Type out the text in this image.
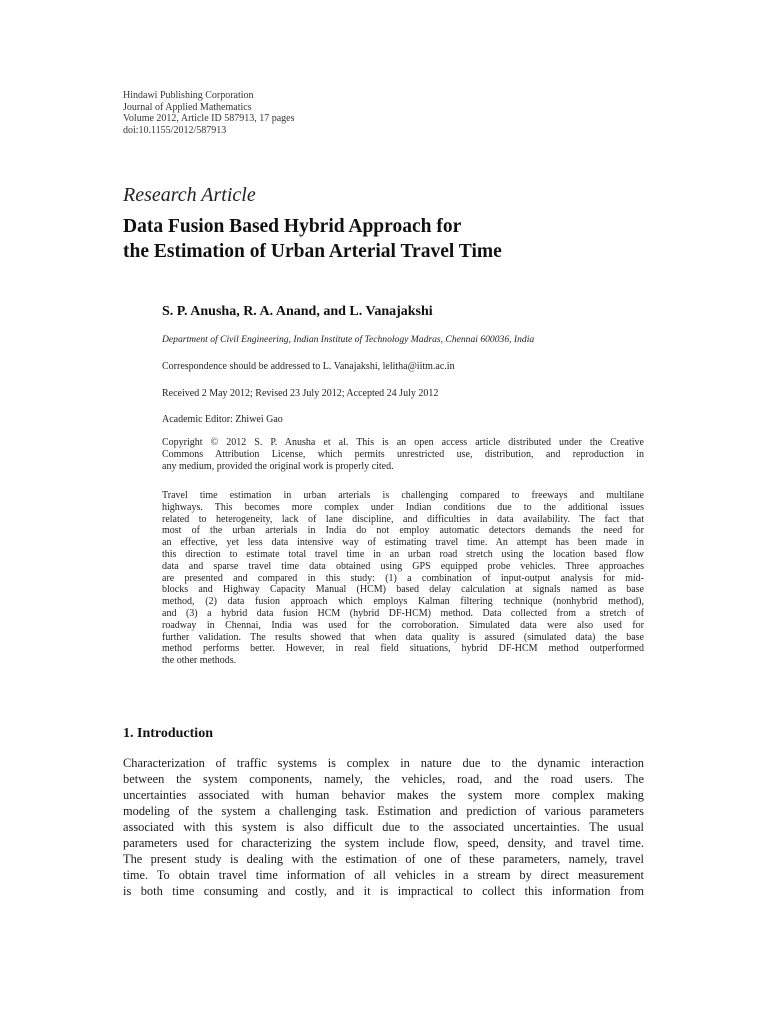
Hindawi Publishing Corporation
Journal of Applied Mathematics
Volume 2012, Article ID 587913, 17 pages
doi:10.1155/2012/587913
Research Article
Data Fusion Based Hybrid Approach for
the Estimation of Urban Arterial Travel Time
S. P. Anusha, R. A. Anand, and L. Vanajakshi
Department of Civil Engineering, Indian Institute of Technology Madras, Chennai 600036, India
Correspondence should be addressed to L. Vanajakshi, lelitha@iitm.ac.in
Received 2 May 2012; Revised 23 July 2012; Accepted 24 July 2012
Academic Editor: Zhiwei Gao
Copyright © 2012 S. P. Anusha et al. This is an open access article distributed under the Creative
Commons Attribution License, which permits unrestricted use, distribution, and reproduction in
any medium, provided the original work is properly cited.
Travel time estimation in urban arterials is challenging compared to freeways and multilane
highways. This becomes more complex under Indian conditions due to the additional issues
related to heterogeneity, lack of lane discipline, and difficulties in data availability. The fact that
most of the urban arterials in India do not employ automatic detectors demands the need for
an effective, yet less data intensive way of estimating travel time. An attempt has been made in
this direction to estimate total travel time in an urban road stretch using the location based flow
data and sparse travel time data obtained using GPS equipped probe vehicles. Three approaches
are presented and compared in this study: (1) a combination of input-output analysis for mid-
blocks and Highway Capacity Manual (HCM) based delay calculation at signals named as base
method, (2) data fusion approach which employs Kalman filtering technique (nonhybrid method),
and (3) a hybrid data fusion HCM (hybrid DF-HCM) method. Data collected from a stretch of
roadway in Chennai, India was used for the corroboration. Simulated data were also used for
further validation. The results showed that when data quality is assured (simulated data) the base
method performs better. However, in real field situations, hybrid DF-HCM method outperformed
the other methods.
1. Introduction
Characterization of traffic systems is complex in nature due to the dynamic interaction
between the system components, namely, the vehicles, road, and the road users. The
uncertainties associated with human behavior makes the system more complex making
modeling of the system a challenging task. Estimation and prediction of various parameters
associated with this system is also difficult due to the associated uncertainties. The usual
parameters used for characterizing the system include flow, speed, density, and travel time.
The present study is dealing with the estimation of one of these parameters, namely, travel
time. To obtain travel time information of all vehicles in a stream by direct measurement
is both time consuming and costly, and it is impractical to collect this information from
